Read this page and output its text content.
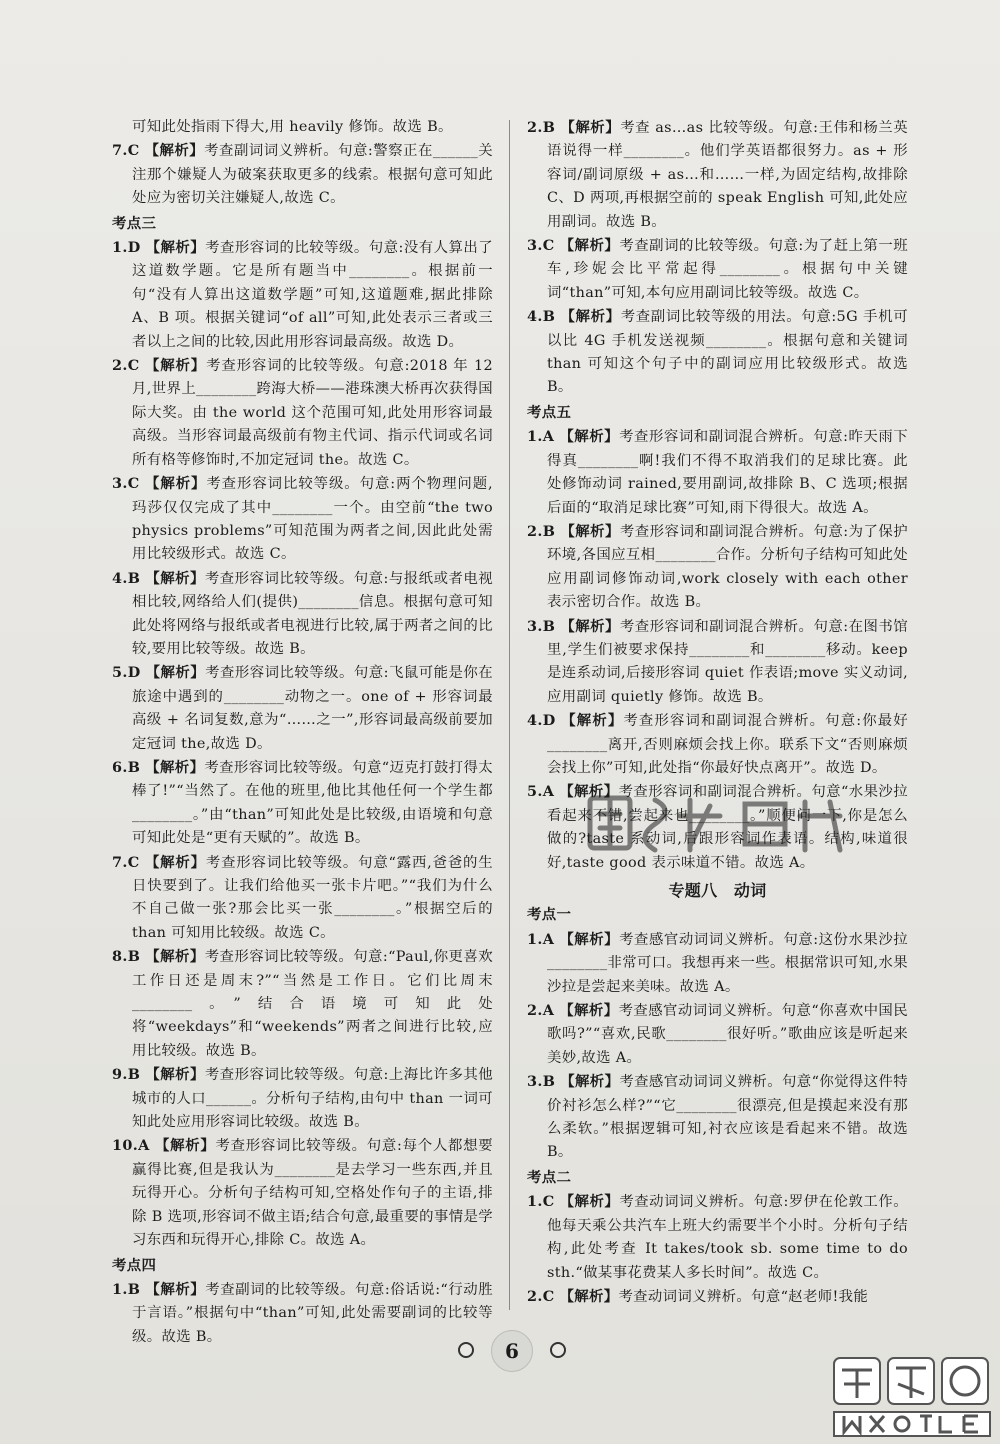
可知此处指雨下得大,用 heavily 修饰。故选 B。

7.C 【解析】考查副词词义辨析。句意:警察正在______关注那个嫌疑人为破案获取更多的线索。根据句意可知此处应为密切关注嫌疑人,故选 C。

考点三

1.D 【解析】考查形容词的比较等级。句意:没有人算出了这道数学题。它是所有题当中________。根据前一句“没有人算出这道数学题”可知,这道题难,据此排除 A、B 项。根据关键词“of all”可知,此处表示三者或三者以上之间的比较,因此用形容词最高级。故选 D。

2.C 【解析】考查形容词的比较等级。句意:2018 年 12 月,世界上________跨海大桥——港珠澳大桥再次获得国际大奖。由 the world 这个范围可知,此处用形容词最高级。当形容词最高级前有物主代词、指示代词或名词所有格等修饰时,不加定冠词 the。故选 C。

3.C 【解析】考查形容词比较等级。句意:两个物理问题,玛莎仅仅完成了其中________一个。由空前“the two physics problems”可知范围为两者之间,因此此处需用比较级形式。故选 C。

4.B 【解析】考查形容词比较等级。句意:与报纸或者电视相比较,网络给人们(提供)________信息。根据句意可知此处将网络与报纸或者电视进行比较,属于两者之间的比较,要用比较等级。故选 B。

5.D 【解析】考查形容词比较等级。句意:飞鼠可能是你在旅途中遇到的________动物之一。one of + 形容词最高级 + 名词复数,意为“……之一”,形容词最高级前要加定冠词 the,故选 D。

6.B 【解析】考查形容词比较等级。句意“迈克打鼓打得太棒了!”“当然了。在他的班里,他比其他任何一个学生都________。”由“than”可知此处是比较级,由语境和句意可知此处是“更有天赋的”。故选 B。

7.C 【解析】考查形容词比较等级。句意“露西,爸爸的生日快要到了。让我们给他买一张卡片吧。”“我们为什么不自己做一张?那会比买一张________。”根据空后的 than 可知用比较级。故选 C。

8.B 【解析】考查形容词比较等级。句意:“Paul,你更喜欢工作日还是周末?”“当然是工作日。它们比周末________。”结合语境可知此处将“weekdays”和“weekends”两者之间进行比较,应用比较级。故选 B。

9.B 【解析】考查形容词比较等级。句意:上海比许多其他城市的人口______。分析句子结构,由句中 than 一词可知此处应用形容词比较级。故选 B。

10.A 【解析】考查形容词比较等级。句意:每个人都想要赢得比赛,但是我认为________是去学习一些东西,并且玩得开心。分析句子结构可知,空格处作句子的主语,排除 B 选项,形容词不做主语;结合句意,最重要的事情是学习东西和玩得开心,排除 C。故选 A。

考点四

1.B 【解析】考查副词的比较等级。句意:俗话说:“行动胜于言语。”根据句中“than”可知,此处需要副词的比较等级。故选 B。

2.B 【解析】考查 as…as 比较等级。句意:王伟和杨兰英语说得一样________。他们学英语都很努力。as + 形容词/副词原级 + as…和……一样,为固定结构,故排除 C、D 两项,再根据空前的 speak English 可知,此处应用副词。故选 B。

3.C 【解析】考查副词的比较等级。句意:为了赶上第一班车,珍妮会比平常起得________。根据句中关键词“than”可知,本句应用副词比较等级。故选 C。

4.B 【解析】考查副词比较等级的用法。句意:5G 手机可以比 4G 手机发送视频________。根据句意和关键词 than 可知这个句子中的副词应用比较级形式。故选 B。

考点五

1.A 【解析】考查形容词和副词混合辨析。句意:昨天雨下得真________啊!我们不得不取消我们的足球比赛。此处修饰动词 rained,要用副词,故排除 B、C 选项;根据后面的“取消足球比赛”可知,雨下得很大。故选 A。

2.B 【解析】考查形容词和副词混合辨析。句意:为了保护环境,各国应互相________合作。分析句子结构可知此处应用副词修饰动词,work closely with each other 表示密切合作。故选 B。

3.B 【解析】考查形容词和副词混合辨析。句意:在图书馆里,学生们被要求保持________和________移动。keep 是连系动词,后接形容词 quiet 作表语;move 实义动词,应用副词 quietly 修饰。故选 B。

4.D 【解析】考查形容词和副词混合辨析。句意:你最好________离开,否则麻烦会找上你。联系下文“否则麻烦会找上你”可知,此处指“你最好快点离开”。故选 D。

5.A 【解析】考查形容词和副词混合辨析。句意“水果沙拉看起来不错,尝起来也________。”顺便问一下,你是怎么做的?taste 系动词,后跟形容词作表语。结构,味道很好,taste good 表示味道不错。故选 A。

专题八　动词
考点一

1.A 【解析】考查感官动词词义辨析。句意:这份水果沙拉________非常可口。我想再来一些。根据常识可知,水果沙拉是尝起来美味。故选 A。

2.A 【解析】考查感官动词词义辨析。句意“你喜欢中国民歌吗?”“喜欢,民歌________很好听。”歌曲应该是听起来美妙,故选 A。

3.B 【解析】考查感官动词词义辨析。句意“你觉得这件特价衬衫怎么样?”“它________很漂亮,但是摸起来没有那么柔软。”根据逻辑可知,衬衣应该是看起来不错。故选 B。

考点二

1.C 【解析】考查动词词义辨析。句意:罗伊在伦敦工作。他每天乘公共汽车上班大约需要半个小时。分析句子结构,此处考查 It takes/took sb. some time to do sth.“做某事花费某人多长时间”。故选 C。

2.C 【解析】考查动词词义辨析。句意“赵老师!我能

6
